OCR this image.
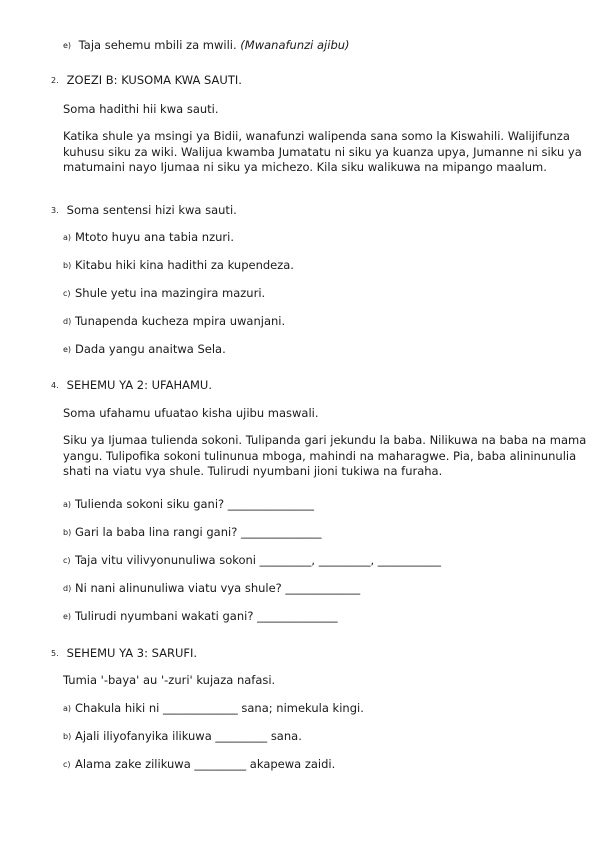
e) Taja sehemu mbili za mwili. (Mwanafunzi ajibu)
2. ZOEZI B: KUSOMA KWA SAUTI.
Soma hadithi hii kwa sauti.
Katika shule ya msingi ya Bidii, wanafunzi walipenda sana somo la Kiswahili. Walijifunza kuhusu siku za wiki. Walijua kwamba Jumatatu ni siku ya kuanza upya, Jumanne ni siku ya matumaini nayo Ijumaa ni siku ya michezo. Kila siku walikuwa na mipango maalum.
3. Soma sentensi hizi kwa sauti.
a) Mtoto huyu ana tabia nzuri.
b) Kitabu hiki kina hadithi za kupendeza.
c) Shule yetu ina mazingira mazuri.
d) Tunapenda kucheza mpira uwanjani.
e) Dada yangu anaitwa Sela.
4. SEHEMU YA 2: UFAHAMU.
Soma ufahamu ufuatao kisha ujibu maswali.
Siku ya Ijumaa tulienda sokoni. Tulipanda gari jekundu la baba. Nilikuwa na baba na mama yangu. Tulipofika sokoni tulinunua mboga, mahindi na maharagwe. Pia, baba alininunulia shati na viatu vya shule. Tulirudi nyumbani jioni tukiwa na furaha.
a) Tulienda sokoni siku gani? _______________
b) Gari la baba lina rangi gani? ______________
c) Taja vitu vilivyonunuliwa sokoni _________, _________, ___________
d) Ni nani alinunuliwa viatu vya shule? _____________
e) Tulirudi nyumbani wakati gani? ______________
5. SEHEMU YA 3: SARUFI.
Tumia '-baya' au '-zuri' kujaza nafasi.
a) Chakula hiki ni _____________ sana; nimekula kingi.
b) Ajali iliyofanyika ilikuwa _________ sana.
c) Alama zake zilikuwa _________ akapewa zaidi.
